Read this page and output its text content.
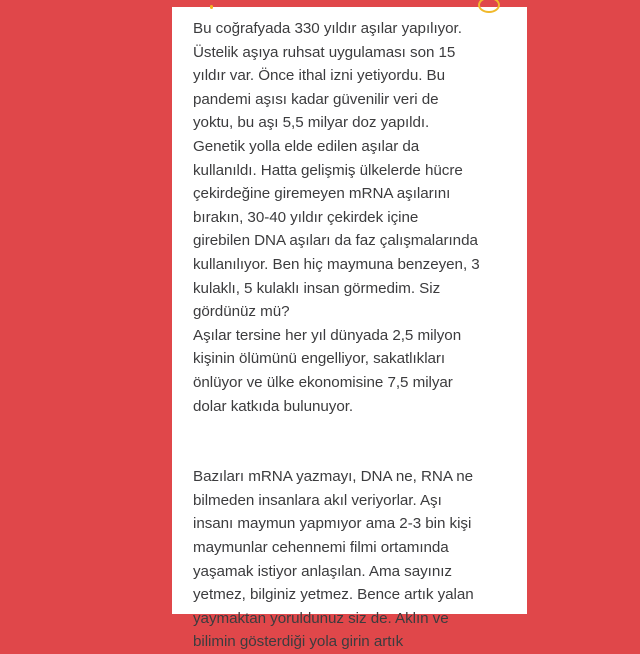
Bu coğrafyada 330 yıldır aşılar yapılıyor.
Üstelik aşıya ruhsat uygulaması son 15
yıldır var. Önce ithal izni yetiyordu. Bu
pandemi aşısı kadar güvenilir veri de
yoktu, bu aşı 5,5 milyar doz yapıldı.
Genetik yolla elde edilen aşılar da
kullanıldı. Hatta gelişmiş ülkelerde hücre
çekirdeğine giremeyen mRNA aşılarını
bırakın, 30-40 yıldır çekirdek içine
girebilen DNA aşıları da faz çalışmalarında
kullanılıyor. Ben hiç maymuna benzeyen, 3
kulaklı, 5 kulaklı insan görmedim. Siz
gördünüz mü?
Aşılar tersine her yıl dünyada 2,5 milyon
kişinin ölümünü engelliyor, sakatlıkları
önlüyor ve ülke ekonomisine 7,5 milyar
dolar katkıda bulunuyor.

Bazıları mRNA yazmayı, DNA ne, RNA ne
bilmeden insanlara akıl veriyorlar. Aşı
insanı maymun yapmıyor ama 2-3 bin kişi
maymunlar cehennemi filmi ortamında
yaşamak istiyor anlaşılan. Ama sayınız
yetmez, bilginiz yetmez. Bence artık yalan
yaymaktan yoruldunuz siz de. Aklın ve
bilimin gösterdiği yola girin artık
